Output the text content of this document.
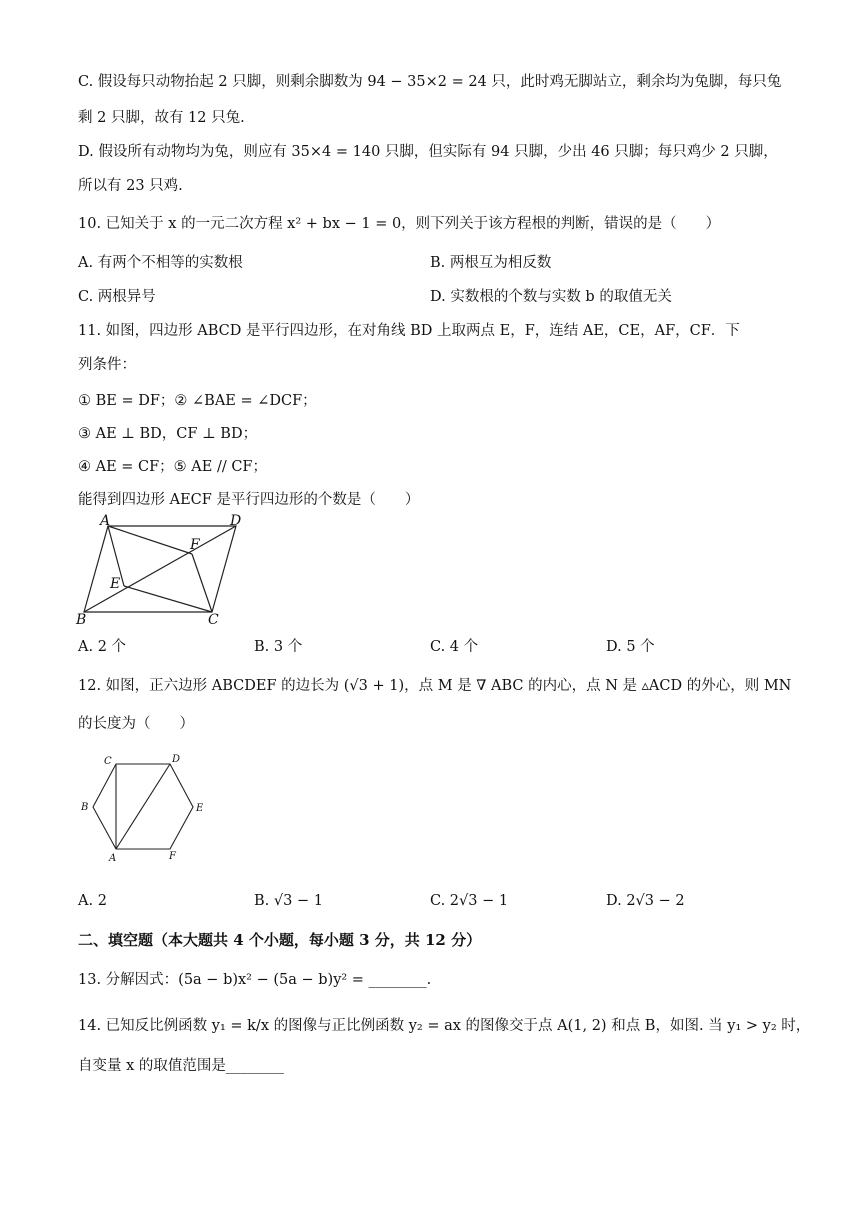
C. 假设每只动物抬起 2 只脚，则剩余脚数为 94 − 35×2 = 24 只，此时鸡无脚站立，剩余均为兔脚，每只兔
剩 2 只脚，故有 12 只兔.
D. 假设所有动物均为兔，则应有 35×4 = 140 只脚，但实际有 94 只脚，少出 46 只脚；每只鸡少 2 只脚，
所以有 23 只鸡.
10. 已知关于 x 的一元二次方程 x² + bx − 1 = 0，则下列关于该方程根的判断，错误的是（　　）
A. 有两个不相等的实数根	B. 两根互为相反数
C. 两根异号	D. 实数根的个数与实数 b 的取值无关
11. 如图，四边形 ABCD 是平行四边形，在对角线 BD 上取两点 E，F，连结 AE，CE，AF，CF．下
列条件：
① BE = DF；② ∠BAE = ∠DCF；
③ AE ⊥ BD，CF ⊥ BD；
④ AE = CF；⑤ AE // CF；
能得到四边形 AECF 是平行四边形的个数是（　　）
A	D
F
E
B	C
A. 2 个	B. 3 个	C. 4 个	D. 5 个
12. 如图，正六边形 ABCDEF 的边长为 (√3 + 1)，点 M 是 ∇ ABC 的内心，点 N 是 ▵ACD 的外心，则 MN
的长度为（　　）
C	D
B	E
A	F
A. 2	B. √3 − 1	C. 2√3 − 1	D. 2√3 − 2
二、填空题（本大题共 4 个小题，每小题 3 分，共 12 分）
13. 分解因式：(5a − b)x² − (5a − b)y² = ________.
14. 已知反比例函数 y₁ = k/x 的图像与正比例函数 y₂ = ax 的图像交于点 A(1, 2) 和点 B，如图. 当 y₁ > y₂ 时，
自变量 x 的取值范围是________
